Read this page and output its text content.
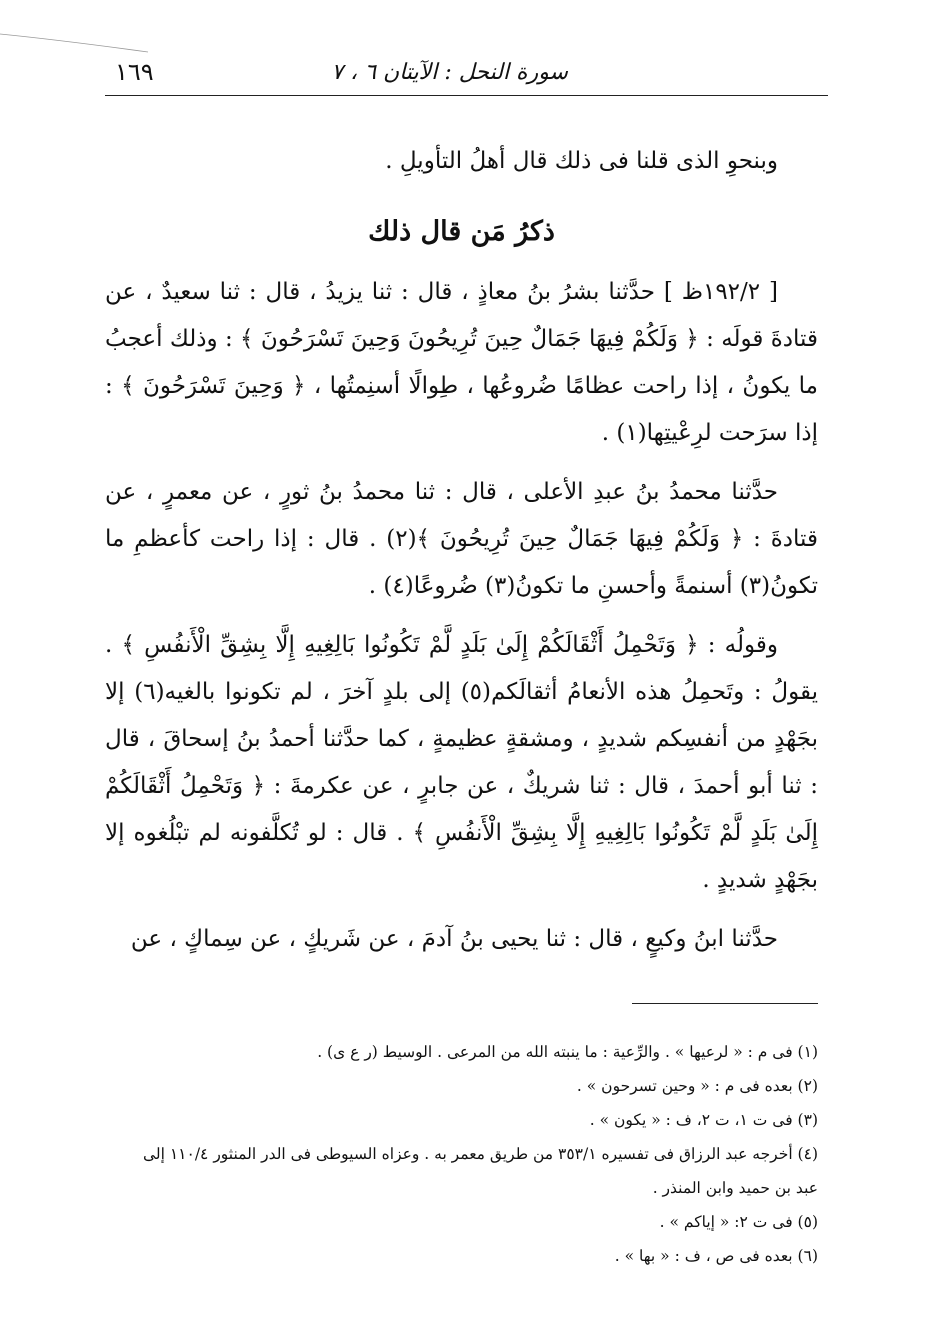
سورة النحل : الآيتان ٦ ، ٧
١٦٩

وبنحوِ الذى قلنا فى ذلك قال أهلُ التأويلِ .

ذكرُ مَن قال ذلك

[ ١٩٢/٢ظ ] حدَّثنا بشرُ بنُ معاذٍ ، قال : ثنا يزيدُ ، قال : ثنا سعيدٌ ، عن قتادةَ قولَه : ﴿ وَلَكُمْ فِيهَا جَمَالٌ حِينَ تُرِيحُونَ وَحِينَ تَسْرَحُونَ ﴾ : وذلك أعجبُ ما يكونُ ، إذا راحت عظامًا ضُروعُها ، طِوالًا أسنِمتُها ، ﴿ وَحِينَ تَسْرَحُونَ ﴾ : إذا سرَحت لرِعْيتِها(١) .

حدَّثنا محمدُ بنُ عبدِ الأعلى ، قال : ثنا محمدُ بنُ ثورٍ ، عن معمرٍ ، عن قتادةَ : ﴿ وَلَكُمْ فِيهَا جَمَالٌ حِينَ تُرِيحُونَ ﴾(٢) . قال : إذا راحت كأعظمِ ما تكونُ(٣) أسنمةً وأحسنِ ما تكونُ(٣) ضُروعًا(٤) .

وقولُه : ﴿ وَتَحْمِلُ أَثْقَالَكُمْ إِلَىٰ بَلَدٍ لَّمْ تَكُونُوا بَالِغِيهِ إِلَّا بِشِقِّ الْأَنفُسِ ﴾ . يقولُ : وتَحمِلُ هذه الأنعامُ أثقالَكم(٥) إلى بلدٍ آخرَ ، لم تكونوا بالغيه(٦) إلا بجَهْدٍ من أنفسِكم شديدٍ ، ومشقةٍ عظيمةٍ ، كما حدَّثنا أحمدُ بنُ إسحاقَ ، قال : ثنا أبو أحمدَ ، قال : ثنا شريكٌ ، عن جابرٍ ، عن عكرمةَ : ﴿ وَتَحْمِلُ أَثْقَالَكُمْ إِلَىٰ بَلَدٍ لَّمْ تَكُونُوا بَالِغِيهِ إِلَّا بِشِقِّ الْأَنفُسِ ﴾ . قال : لو تُكلَّفونه لم تبْلُغوه إلا بجَهْدٍ شديدٍ .

حدَّثنا ابنُ وكيعٍ ، قال : ثنا يحيى بنُ آدمَ ، عن شَريكٍ ، عن سِماكٍ ، عن

(١) فى م : « لرعيها » . والرِّعية : ما ينبته الله من المرعى . الوسيط (ر ع ى) .
(٢) بعده فى م : « وحين تسرحون » .
(٣) فى ت ١، ت ٢، ف : « يكون » .
(٤) أخرجه عبد الرزاق فى تفسيره ٣٥٣/١ من طريق معمر به . وعزاه السيوطى فى الدر المنثور ١١٠/٤ إلى
عبد بن حميد وابن المنذر .
(٥) فى ت ٢: « إياكم » .
(٦) بعده فى ص ، ف : « بها » .
